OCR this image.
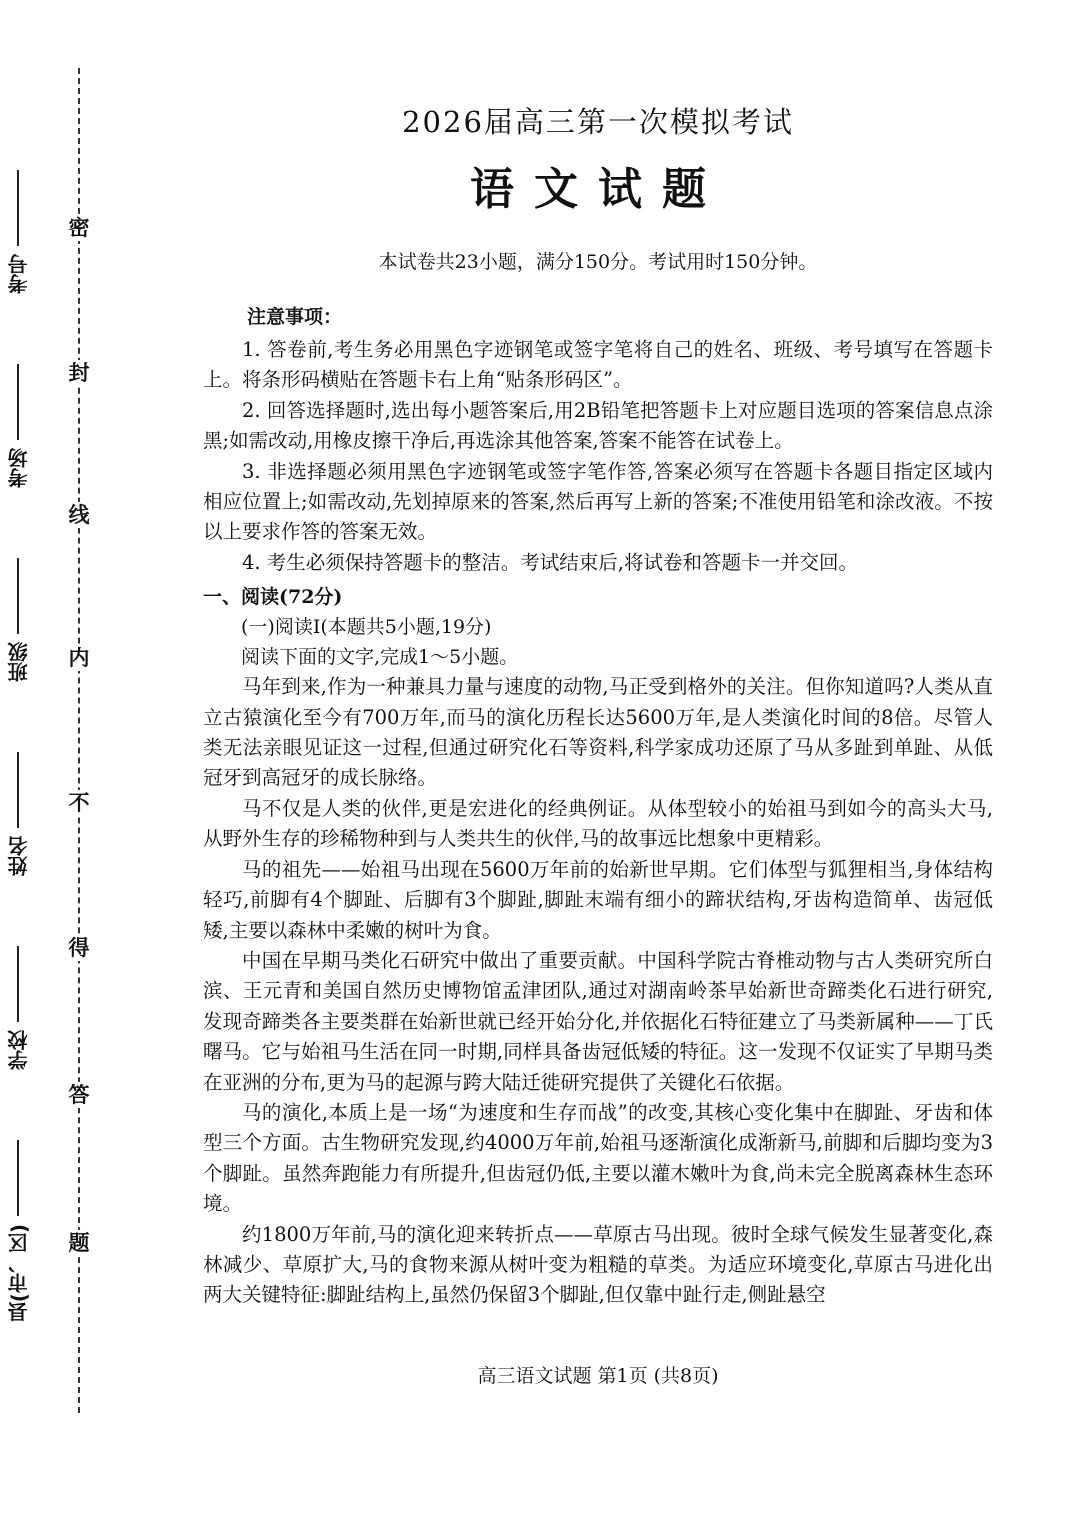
密
封
线
内
不
得
答
题
考号
考场
班级
姓名
学校
县(市、区)
2026届高三第一次模拟考试
语文试题
本试卷共23小题，满分150分。考试用时150分钟。
注意事项：

1. 答卷前,考生务必用黑色字迹钢笔或签字笔将自己的姓名、班级、考号填写在答题卡上。将条形码横贴在答题卡右上角“贴条形码区”。

2. 回答选择题时,选出每小题答案后,用2B铅笔把答题卡上对应题目选项的答案信息点涂黑;如需改动,用橡皮擦干净后,再选涂其他答案,答案不能答在试卷上。

3. 非选择题必须用黑色字迹钢笔或签字笔作答,答案必须写在答题卡各题目指定区域内相应位置上;如需改动,先划掉原来的答案,然后再写上新的答案;不准使用铅笔和涂改液。不按以上要求作答的答案无效。

4. 考生必须保持答题卡的整洁。考试结束后,将试卷和答题卡一并交回。

一、阅读(72分)
(一)阅读Ⅰ(本题共5小题,19分)
阅读下面的文字,完成1～5小题。

马年到来,作为一种兼具力量与速度的动物,马正受到格外的关注。但你知道吗?人类从直立古猿演化至今有700万年,而马的演化历程长达5600万年,是人类演化时间的8倍。尽管人类无法亲眼见证这一过程,但通过研究化石等资料,科学家成功还原了马从多趾到单趾、从低冠牙到高冠牙的成长脉络。

马不仅是人类的伙伴,更是宏进化的经典例证。从体型较小的始祖马到如今的高头大马,从野外生存的珍稀物种到与人类共生的伙伴,马的故事远比想象中更精彩。

马的祖先——始祖马出现在5600万年前的始新世早期。它们体型与狐狸相当,身体结构轻巧,前脚有4个脚趾、后脚有3个脚趾,脚趾末端有细小的蹄状结构,牙齿构造简单、齿冠低矮,主要以森林中柔嫩的树叶为食。

中国在早期马类化石研究中做出了重要贡献。中国科学院古脊椎动物与古人类研究所白滨、王元青和美国自然历史博物馆孟津团队,通过对湖南岭茶早始新世奇蹄类化石进行研究,发现奇蹄类各主要类群在始新世就已经开始分化,并依据化石特征建立了马类新属种——丁氏曙马。它与始祖马生活在同一时期,同样具备齿冠低矮的特征。这一发现不仅证实了早期马类在亚洲的分布,更为马的起源与跨大陆迁徙研究提供了关键化石依据。

马的演化,本质上是一场“为速度和生存而战”的改变,其核心变化集中在脚趾、牙齿和体型三个方面。古生物研究发现,约4000万年前,始祖马逐渐演化成渐新马,前脚和后脚均变为3个脚趾。虽然奔跑能力有所提升,但齿冠仍低,主要以灌木嫩叶为食,尚未完全脱离森林生态环境。

约1800万年前,马的演化迎来转折点——草原古马出现。彼时全球气候发生显著变化,森林减少、草原扩大,马的食物来源从树叶变为粗糙的草类。为适应环境变化,草原古马进化出两大关键特征:脚趾结构上,虽然仍保留3个脚趾,但仅靠中趾行走,侧趾悬空

高三语文试题 第1页 (共8页)
